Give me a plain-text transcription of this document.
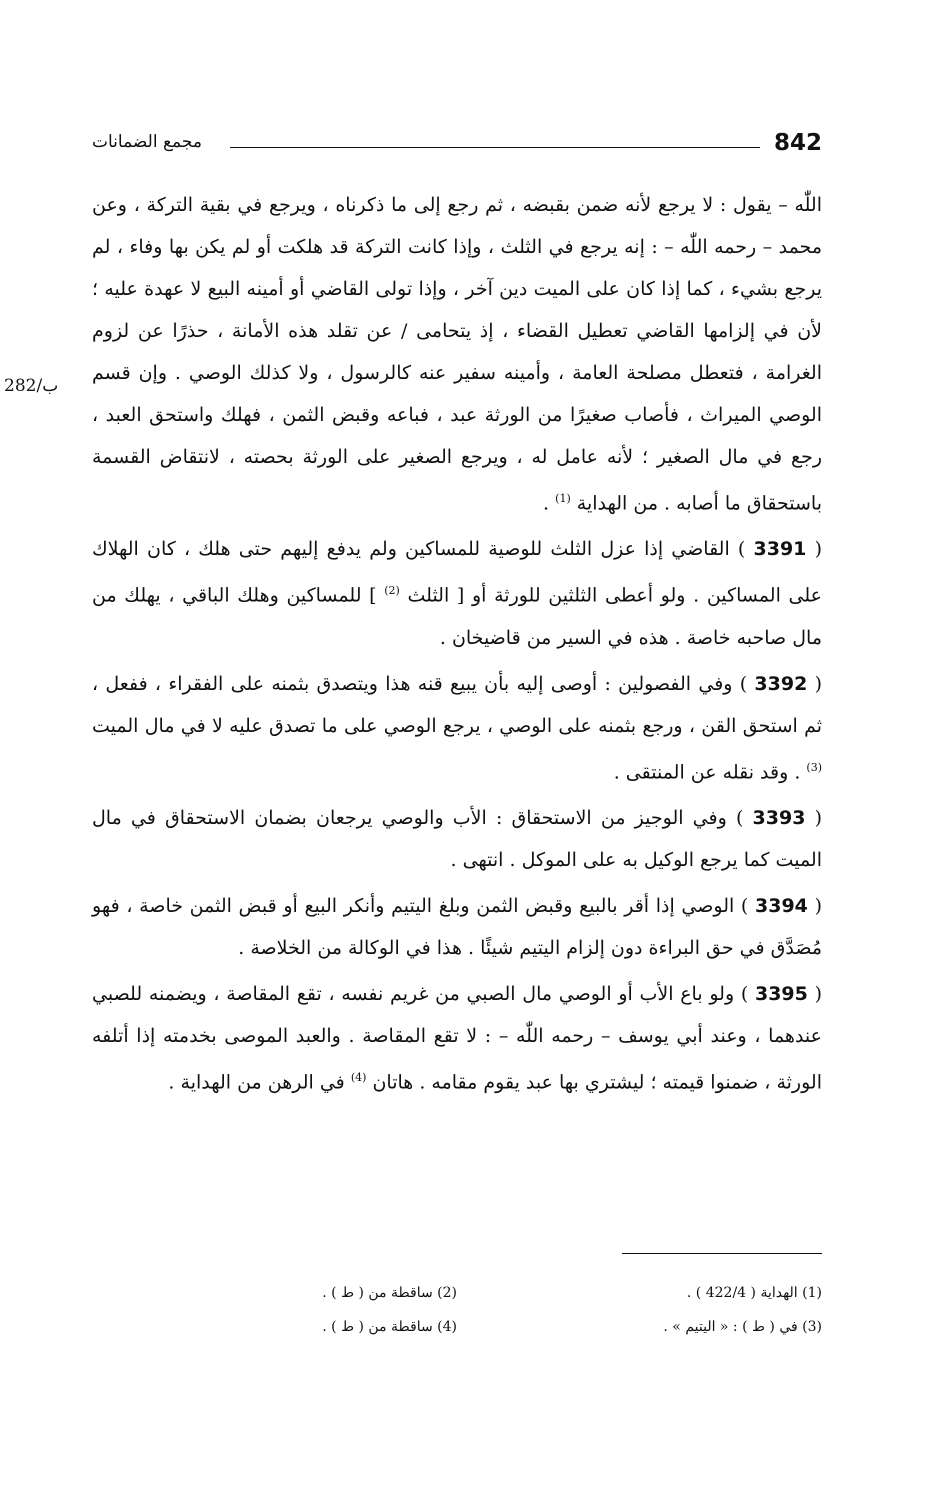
842
مجمع الضمانات
282/ب

اللّٰه – يقول : لا يرجع لأنه ضمن بقبضه ، ثم رجع إلى ما ذكرناه ، ويرجع في بقية التركة ، وعن محمد – رحمه اللّٰه – : إنه يرجع في الثلث ، وإذا كانت التركة قد هلكت أو لم يكن بها وفاء ، لم يرجع بشيء ، كما إذا كان على الميت دين آخر ، وإذا تولى القاضي أو أمينه البيع لا عهدة عليه ؛ لأن في إلزامها القاضي تعطيل القضاء ، إذ يتحامى / عن تقلد هذه الأمانة ، حذرًا عن لزوم الغرامة ، فتعطل مصلحة العامة ، وأمينه سفير عنه كالرسول ، ولا كذلك الوصي . وإن قسم الوصي الميراث ، فأصاب صغيرًا من الورثة عبد ، فباعه وقبض الثمن ، فهلك واستحق العبد ، رجع في مال الصغير ؛ لأنه عامل له ، ويرجع الصغير على الورثة بحصته ، لانتقاض القسمة باستحقاق ما أصابه . من الهداية $^{(1)}$ .

( 3391 ) القاضي إذا عزل الثلث للوصية للمساكين ولم يدفع إليهم حتى هلك ، كان الهلاك على المساكين . ولو أعطى الثلثين للورثة أو [ الثلث $^{(2)}$ ] للمساكين وهلك الباقي ، يهلك من مال صاحبه خاصة . هذه في السير من قاضيخان .

( 3392 ) وفي الفصولين : أوصى إليه بأن يبيع قنه هذا ويتصدق بثمنه على الفقراء ، ففعل ، ثم استحق القن ، ورجع بثمنه على الوصي ، يرجع الوصي على ما تصدق عليه لا في مال الميت $^{(3)}$ . وقد نقله عن المنتقى .

( 3393 ) وفي الوجيز من الاستحقاق : الأب والوصي يرجعان بضمان الاستحقاق في مال الميت كما يرجع الوكيل به على الموكل . انتهى .

( 3394 ) الوصي إذا أقر بالبيع وقبض الثمن وبلغ اليتيم وأنكر البيع أو قبض الثمن خاصة ، فهو مُصَدَّق في حق البراءة دون إلزام اليتيم شيئًا . هذا في الوكالة من الخلاصة .

( 3395 ) ولو باع الأب أو الوصي مال الصبي من غريم نفسه ، تقع المقاصة ، ويضمنه للصبي عندهما ، وعند أبي يوسف – رحمه اللّٰه – : لا تقع المقاصة . والعبد الموصى بخدمته إذا أتلفه الورثة ، ضمنوا قيمته ؛ ليشتري بها عبد يقوم مقامه . هاتان $^{(4)}$ في الرهن من الهداية .

(1) الهداية ( 422/4 ) .
(2) ساقطة من ( ط ) .
(3) في ( ط ) : « اليتيم » .
(4) ساقطة من ( ط ) .
